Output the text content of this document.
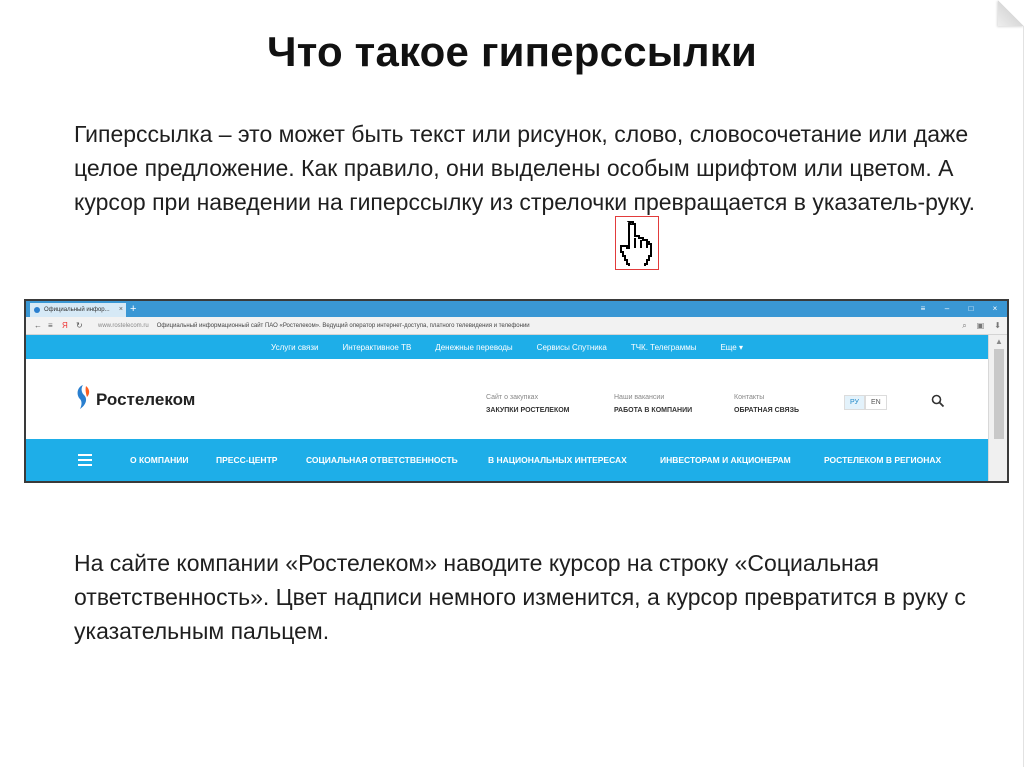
Что такое гиперссылки
Гиперссылка – это может быть текст или рисунок, слово, словосочетание или даже целое предложение. Как правило, они выделены особым шрифтом или цветом. А курсор при наведении на гиперссылку из стрелочки превращается в указатель-руку.
Официальный инфор... × +	≡	–	□	×
← ≡ Я ↻	www.rostelecom.ru Официальный информационный сайт ПАО «Ростелеком». Ведущий оператор интернет-доступа, платного телевидения и телефонии	⌕ ▣ ⬇
Услуги связи	Интерактивное ТВ	Денежные переводы	Сервисы Спутника	ТЧК. Телеграммы	Еще ▾
Ростелеком	Сайт о закупках
ЗАКУПКИ РОСТЕЛЕКОМ
Наши вакансии
РАБОТА В КОМПАНИИ
Контакты
ОБРАТНАЯ СВЯЗЬ
РУ	EN
О КОМПАНИИ	ПРЕСС-ЦЕНТР	СОЦИАЛЬНАЯ ОТВЕТСТВЕННОСТЬ	В НАЦИОНАЛЬНЫХ ИНТЕРЕСАХ	ИНВЕСТОРАМ И АКЦИОНЕРАМ	РОСТЕЛЕКОМ В РЕГИОНАХ
▲
На сайте компании «Ростелеком» наводите курсор на строку «Социальная ответственность». Цвет надписи немного изменится, а курсор превратится в руку с указательным пальцем.
